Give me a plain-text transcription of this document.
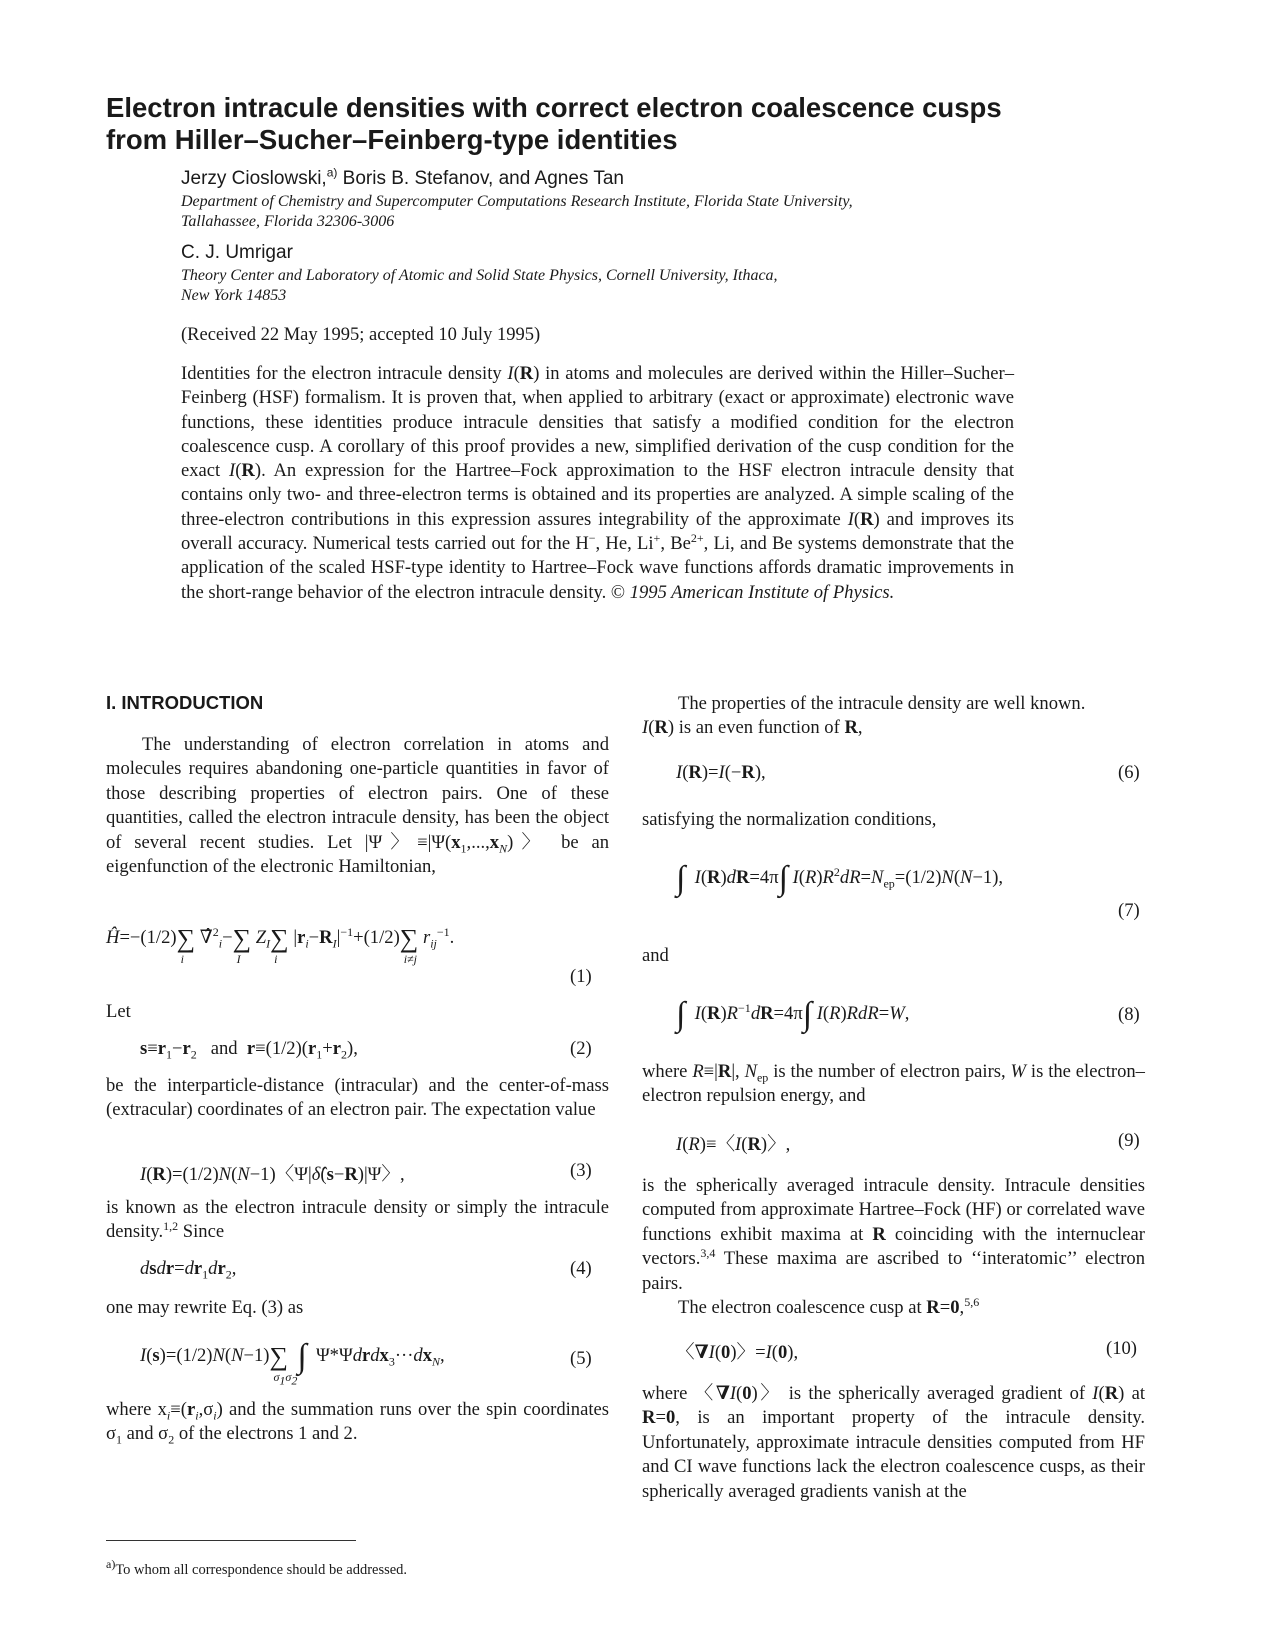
Electron intracule densities with correct electron coalescence cusps
from Hiller–Sucher–Feinberg-type identities
Jerzy Cioslowski,$^{a)}$ Boris B. Stefanov, and Agnes Tan
Department of Chemistry and Supercomputer Computations Research Institute, Florida State University,
Tallahassee, Florida 32306-3006
C. J. Umrigar
Theory Center and Laboratory of Atomic and Solid State Physics, Cornell University, Ithaca,
New York 14853
(Received 22 May 1995; accepted 10 July 1995)
Identities for the electron intracule density I(R) in atoms and molecules are derived within the Hiller–Sucher–Feinberg (HSF) formalism. It is proven that, when applied to arbitrary (exact or approximate) electronic wave functions, these identities produce intracule densities that satisfy a modified condition for the electron coalescence cusp. A corollary of this proof provides a new, simplified derivation of the cusp condition for the exact I(R). An expression for the Hartree–Fock approximation to the HSF electron intracule density that contains only two- and three-electron terms is obtained and its properties are analyzed. A simple scaling of the three-electron contributions in this expression assures integrability of the approximate I(R) and improves its overall accuracy. Numerical tests carried out for the H−, He, Li+, $Be^{2+}$, Li, and Be systems demonstrate that the application of the scaled HSF-type identity to Hartree–Fock wave functions affords dramatic improvements in the short-range behavior of the electron intracule density. © 1995 American Institute of Physics.
I. INTRODUCTION

The understanding of electron correlation in atoms and molecules requires abandoning one-particle quantities in favor of those describing properties of electron pairs. One of these quantities, called the electron intracule density, has been the object of several recent studies. Let |Ψ〉$\equiv|\Psi(x_1,...,x_N)$〉 be an eigenfunction of the electronic Hamiltonian,

Ĥ=−(1/2)∑
i
∇̂$^2_i$−∑
I
$Z_I\sum$
i
$|r_i-R_I|^{-1}+(1/2)\sum$
i≠j
$r_{ij}^{-1}$.
(1)
Let
$s\equiv r_1-r_2$ and $r\equiv(1/2)(r_1+r_2)$,	(2)

be the interparticle-distance (intracular) and the center-of-mass (extracular) coordinates of an electron pair. The expectation value

I(R)=(1/2)N(N−1)〈Ψ|δ̂(s−R)|Ψ〉,	(3)

is known as the electron intracule density or simply the intracule density.$^{1,2}$ Since

$dsdr=dr_1dr_2$,	(4)
one may rewrite Eq. (3) as
I(s)=(1/2)N(N−1)∑
$\sigma_1\sigma_2$
∫  $\Psi*\Psi drdx_3\cdot\cdot\cdot dx_N$,	(5)

where $x_i\equiv(r_i,\sigma_i)$ and the summation runs over the spin coordinates $\sigma_1$ and $\sigma_2$ of the electrons 1 and 2.

$^{a)}$To whom all correspondence should be addressed.

The properties of the intracule density are well known.

I(R) is an even function of R,

I(R)=I(−R),	(6)
satisfying the normalization conditions,
∫ I(R)dR=4π∫ $I(R)R^2dR=N_{ep}=(1/2)N(N-1)$,
(7)
and
∫ $I(R)R^{-1}dR=4\pi\int$ I(R)RdR=W,	(8)

where R≡|R|, $N_{ep}$ is the number of electron pairs, W is the electron–electron repulsion energy, and

I(R)≡〈I(R)〉,	(9)

is the spherically averaged intracule density. Intracule densities computed from approximate Hartree–Fock (HF) or correlated wave functions exhibit maxima at R coinciding with the internuclear vectors.$^{3,4}$ These maxima are ascribed to ‘‘interatomic’’ electron pairs.

The electron coalescence cusp at R=0,$^{5,6}$

〈∇I(0)〉=I(0),	(10)

where 〈∇I(0)〉 is the spherically averaged gradient of I(R) at R=0, is an important property of the intracule density. Unfortunately, approximate intracule densities computed from HF and CI wave functions lack the electron coalescence cusps, as their spherically averaged gradients vanish at the
